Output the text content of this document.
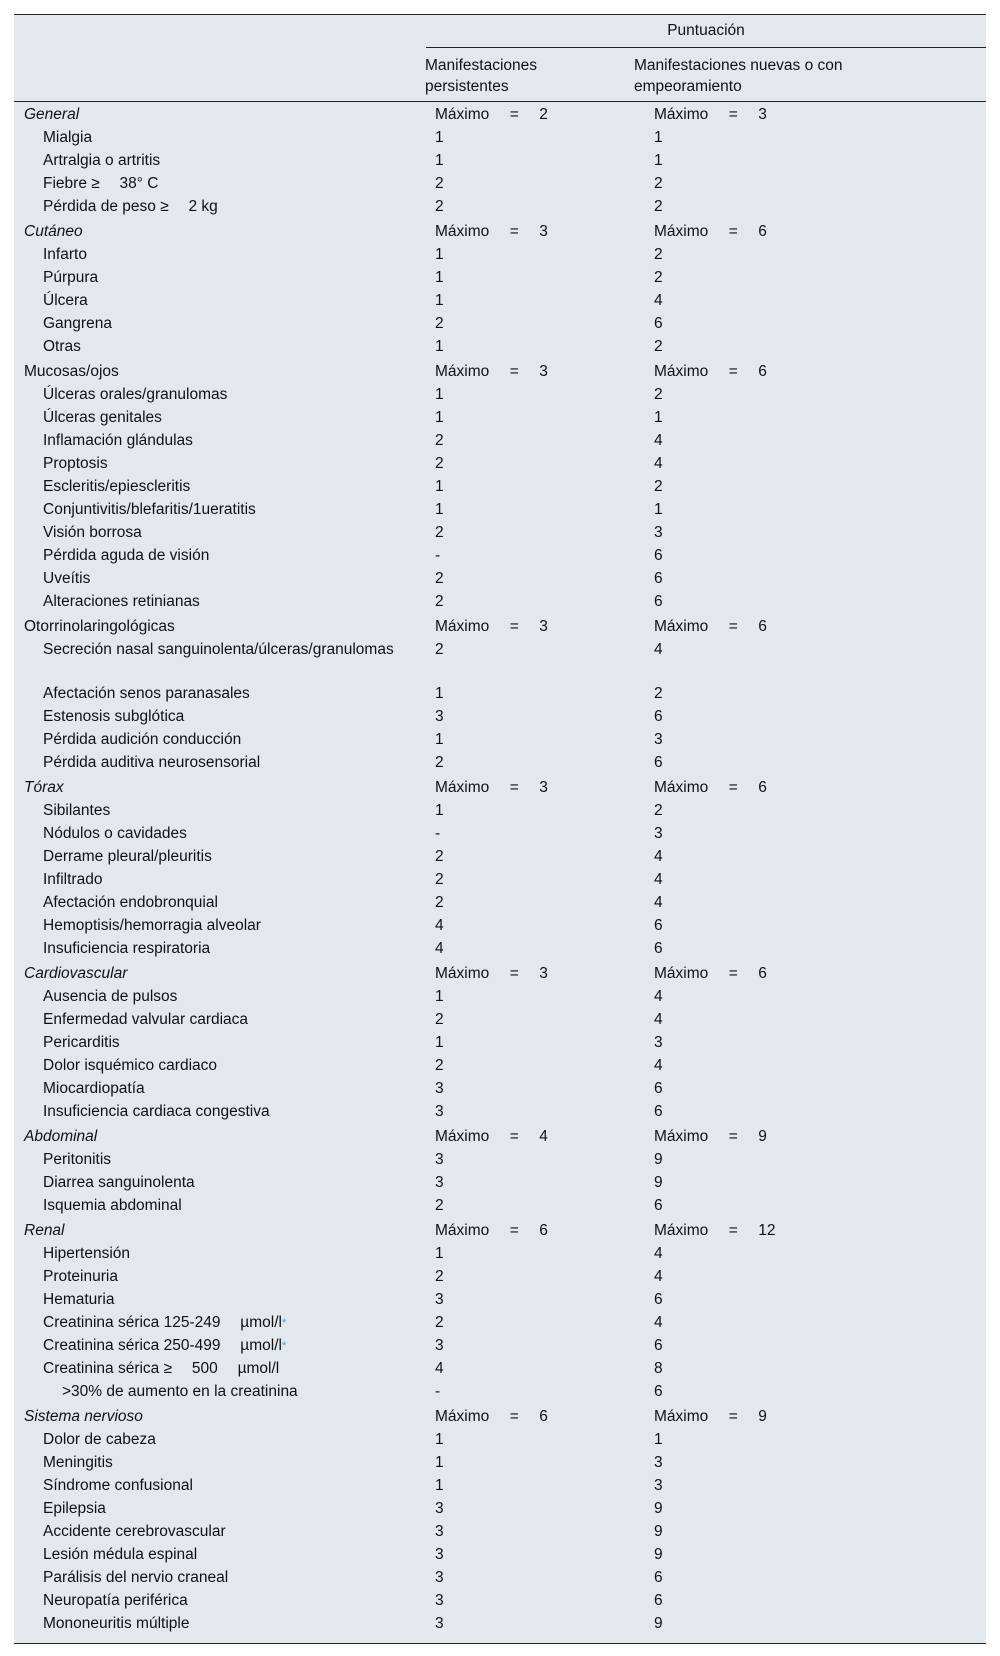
Puntuación
Manifestaciones
persistentes
Manifestaciones nuevas o con
empeoramiento
General	Máximo = 2	Máximo = 3
Mialgia	1	1
Artralgia o artritis	1	1
Fiebre ≥  38° C	2	2
Pérdida de peso ≥  2 kg	2	2
Cutáneo	Máximo = 3	Máximo = 6
Infarto	1	2
Púrpura	1	2
Úlcera	1	4
Gangrena	2	6
Otras	1	2
Mucosas/ojos	Máximo = 3	Máximo = 6
Úlceras orales/granulomas	1	2
Úlceras genitales	1	1
Inflamación glándulas	2	4
Proptosis	2	4
Escleritis/epiescleritis	1	2
Conjuntivitis/blefaritis/1ueratitis	1	1
Visión borrosa	2	3
Pérdida aguda de visión	-	6
Uveítis	2	6
Alteraciones retinianas	2	6
Otorrinolaringológicas	Máximo = 3	Máximo = 6
Secreción nasal sanguinolenta/úlceras/granulomas	2	4
Afectación senos paranasales	1	2
Estenosis subglótica	3	6
Pérdida audición conducción	1	3
Pérdida auditiva neurosensorial	2	6
Tórax	Máximo = 3	Máximo = 6
Sibilantes	1	2
Nódulos o cavidades	-	3
Derrame pleural/pleuritis	2	4
Infiltrado	2	4
Afectación endobronquial	2	4
Hemoptisis/hemorragia alveolar	4	6
Insuficiencia respiratoria	4	6
Cardiovascular	Máximo = 3	Máximo = 6
Ausencia de pulsos	1	4
Enfermedad valvular cardiaca	2	4
Pericarditis	1	3
Dolor isquémico cardiaco	2	4
Miocardiopatía	3	6
Insuficiencia cardiaca congestiva	3	6
Abdominal	Máximo = 4	Máximo = 9
Peritonitis	3	9
Diarrea sanguinolenta	3	9
Isquemia abdominal	2	6
Renal	Máximo = 6	Máximo = 12
Hipertensión	1	4
Proteinuria	2	4
Hematuria	3	6
Creatinina sérica 125-249  µmol/l*	2	4
Creatinina sérica 250-499  µmol/l*	3	6
Creatinina sérica ≥  500  µmol/l	4	8
>30% de aumento en la creatinina	-	6
Sistema nervioso	Máximo = 6	Máximo = 9
Dolor de cabeza	1	1
Meningitis	1	3
Síndrome confusional	1	3
Epilepsia	3	9
Accidente cerebrovascular	3	9
Lesión médula espinal	3	9
Parálisis del nervio craneal	3	6
Neuropatía periférica	3	6
Mononeuritis múltiple	3	9
